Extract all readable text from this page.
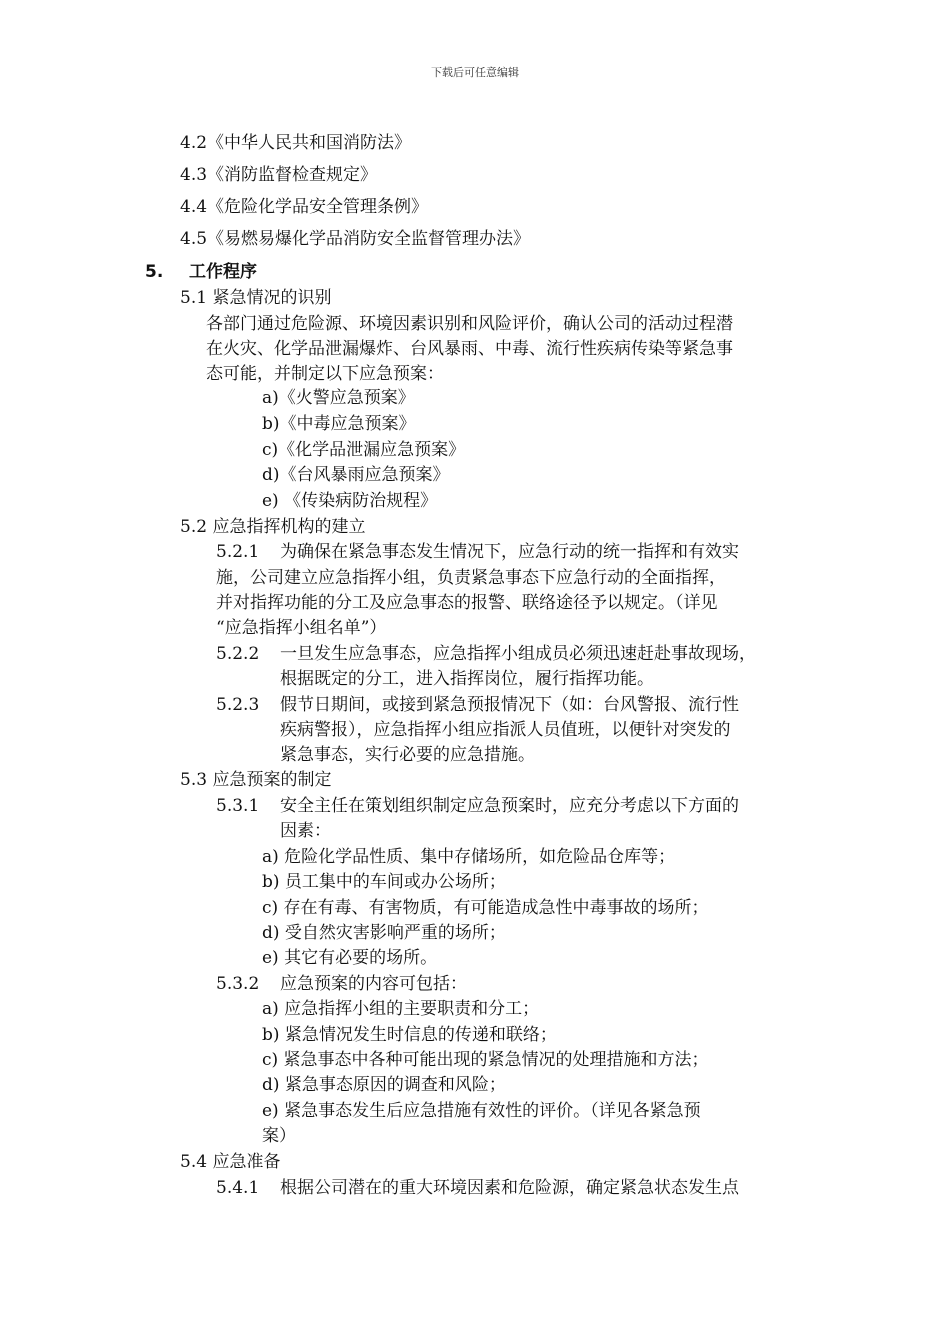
下载后可任意编辑
4.2《中华人民共和国消防法》
4.3《消防监督检查规定》
4.4《危险化学品安全管理条例》
4.5《易燃易爆化学品消防安全监督管理办法》
5. 工作程序
5.1 紧急情况的识别
各部门通过危险源、环境因素识别和风险评价，确认公司的活动过程潜
在火灾、化学品泄漏爆炸、台风暴雨、中毒、流行性疾病传染等紧急事
态可能，并制定以下应急预案：
a)《火警应急预案》
b)《中毒应急预案》
c)《化学品泄漏应急预案》
d)《台风暴雨应急预案》
e) 《传染病防治规程》
5.2 应急指挥机构的建立
5.2.1 为确保在紧急事态发生情况下，应急行动的统一指挥和有效实
施，公司建立应急指挥小组，负责紧急事态下应急行动的全面指挥，
并对指挥功能的分工及应急事态的报警、联络途径予以规定。（详见
“应急指挥小组名单”）
5.2.2 一旦发生应急事态，应急指挥小组成员必须迅速赶赴事故现场，
根据既定的分工，进入指挥岗位，履行指挥功能。
5.2.3 假节日期间，或接到紧急预报情况下（如：台风警报、流行性
疾病警报），应急指挥小组应指派人员值班，以便针对突发的
紧急事态，实行必要的应急措施。
5.3 应急预案的制定
5.3.1 安全主任在策划组织制定应急预案时，应充分考虑以下方面的
因素：
a) 危险化学品性质、集中存储场所，如危险品仓库等；
b) 员工集中的车间或办公场所；
c) 存在有毒、有害物质，有可能造成急性中毒事故的场所；
d) 受自然灾害影响严重的场所；
e) 其它有必要的场所。
5.3.2 应急预案的内容可包括：
a) 应急指挥小组的主要职责和分工；
b) 紧急情况发生时信息的传递和联络；
c) 紧急事态中各种可能出现的紧急情况的处理措施和方法；
d) 紧急事态原因的调查和风险；
e) 紧急事态发生后应急措施有效性的评价。（详见各紧急预
案）
5.4 应急准备
5.4.1 根据公司潜在的重大环境因素和危险源，确定紧急状态发生点
